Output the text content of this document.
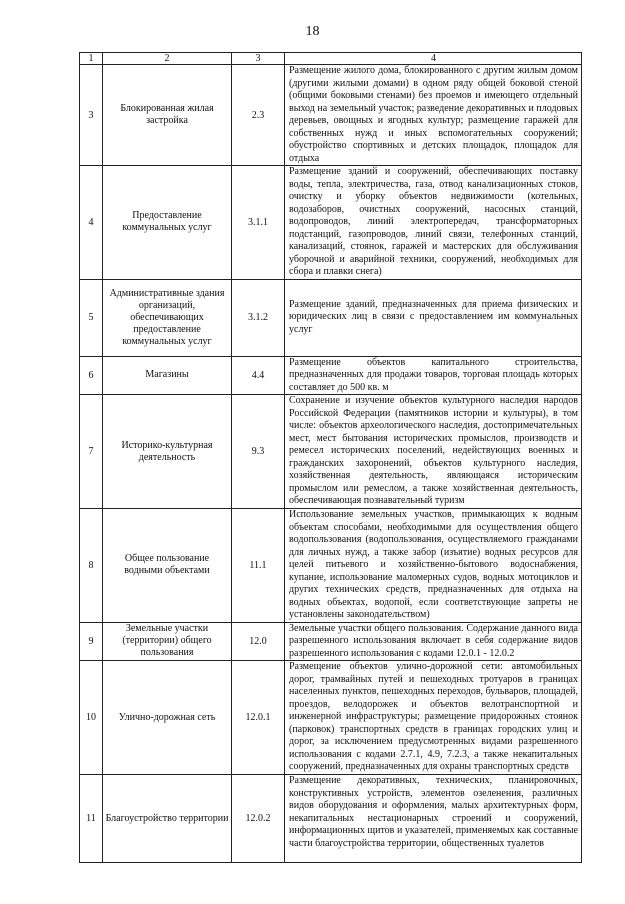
18
1	2	3	4
3	Блокированная жилая застройка	2.3	Размещение жилого дома, блокированного с другим жилым домом (другими жилыми домами) в одном ряду общей боковой стеной (общими боковыми стенами) без проемов и имеющего отдельный выход на земельный участок; разведение декоративных и плодовых деревьев, овощных и ягодных культур; размещение гаражей для собственных нужд и иных вспомогательных сооружений; обустройство спортивных и детских площадок, площадок для отдыха
4	Предоставление коммунальных услуг	3.1.1	Размещение зданий и сооружений, обеспечивающих поставку воды, тепла, электричества, газа, отвод канализационных стоков, очистку и уборку объектов недвижимости (котельных, водозаборов, очистных сооружений, насосных станций, водопроводов, линий электропередач, трансформаторных подстанций, газопроводов, линий связи, телефонных станций, канализаций, стоянок, гаражей и мастерских для обслуживания уборочной и аварийной техники, сооружений, необходимых для сбора и плавки снега)
5	Административные здания организаций, обеспечивающих предоставление коммунальных услуг	3.1.2	Размещение зданий, предназначенных для приема физических и юридических лиц в связи с предоставлением им коммунальных услуг
6	Магазины	4.4	Размещение объектов капитального строительства, предназначенных для продажи товаров, торговая площадь которых составляет до 500 кв. м
7	Историко-культурная деятельность	9.3	Сохранение и изучение объектов культурного наследия народов Российской Федерации (памятников истории и культуры), в том числе: объектов археологического наследия, достопримечательных мест, мест бытования исторических промыслов, производств и ремесел исторических поселений, недействующих военных и гражданских захоронений, объектов культурного наследия, хозяйственная деятельность, являющаяся историческим промыслом или ремеслом, а также хозяйственная деятельность, обеспечивающая познавательный туризм
8	Общее пользование водными объектами	11.1	Использование земельных участков, примыкающих к водным объектам способами, необходимыми для осуществления общего водопользования (водопользования, осуществляемого гражданами для личных нужд, а также забор (изъятие) водных ресурсов для целей питьевого и хозяйственно-бытового водоснабжения, купание, использование маломерных судов, водных мотоциклов и других технических средств, предназначенных для отдыха на водных объектах, водопой, если соответствующие запреты не установлены законодательством)
9	Земельные участки (территории) общего пользования	12.0	Земельные участки общего пользования. Содержание данного вида разрешенного использования включает в себя содержание видов разрешенного использования с кодами 12.0.1 - 12.0.2
10	Улично-дорожная сеть	12.0.1	Размещение объектов улично-дорожной сети: автомобильных дорог, трамвайных путей и пешеходных тротуаров в границах населенных пунктов, пешеходных переходов, бульваров, площадей, проездов, велодорожек и объектов велотранспортной и инженерной инфраструктуры; размещение придорожных стоянок (парковок) транспортных средств в границах городских улиц и дорог, за исключением предусмотренных видами разрешенного использования с кодами 2.7.1, 4.9, 7.2.3, а также некапитальных сооружений, предназначенных для охраны транспортных средств
11	Благоустройство территории	12.0.2	Размещение декоративных, технических, планировочных, конструктивных устройств, элементов озеленения, различных видов оборудования и оформления, малых архитектурных форм, некапитальных нестационарных строений и сооружений, информационных щитов и указателей, применяемых как составные части благоустройства территории, общественных туалетов
